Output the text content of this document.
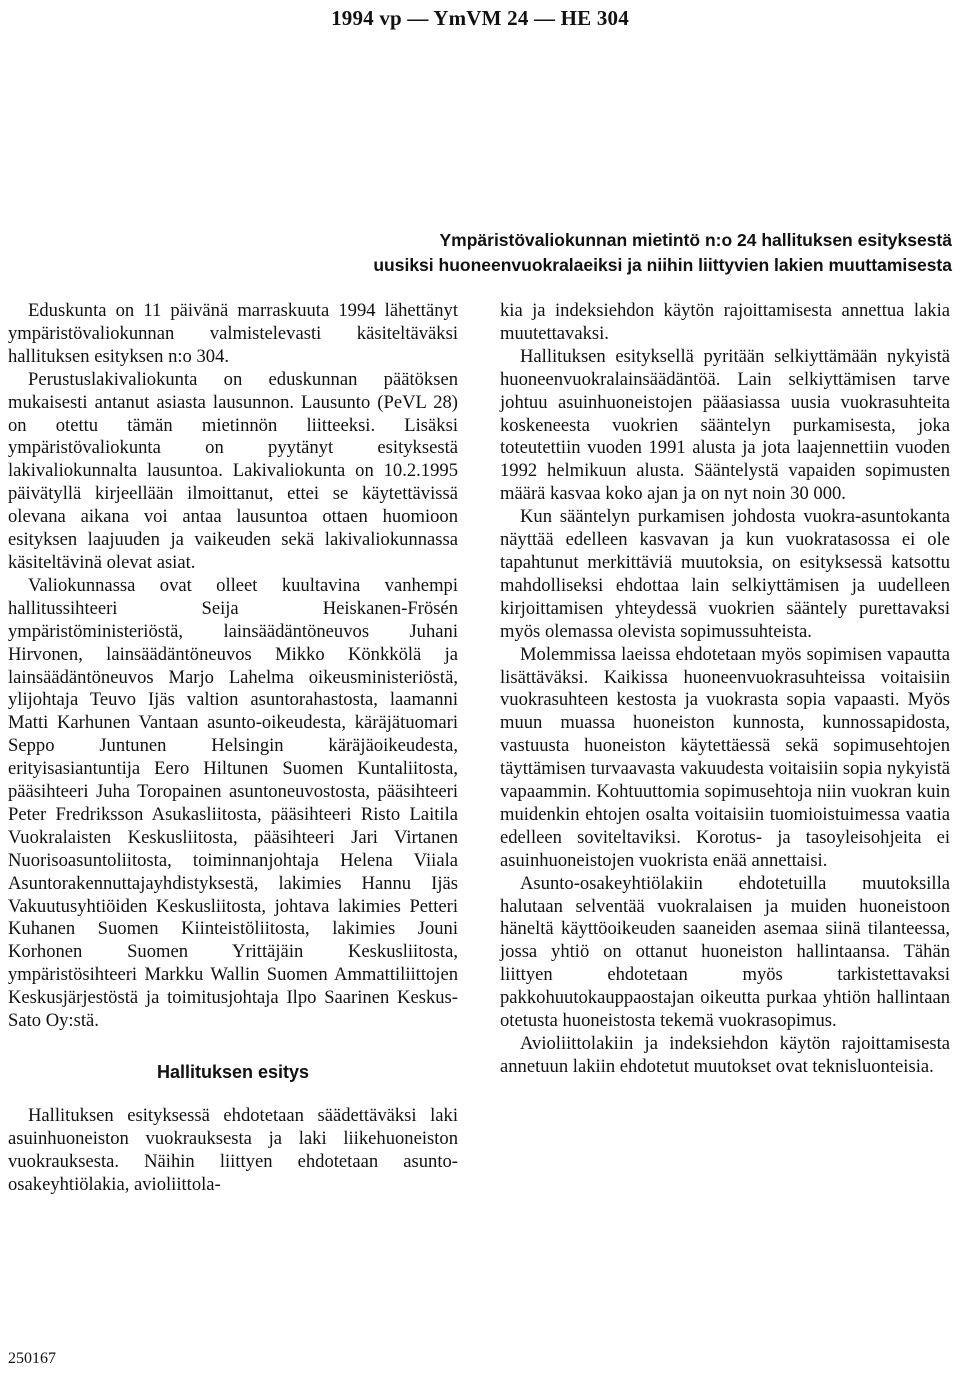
1994 vp — YmVM 24 — HE 304
Ympäristövaliokunnan mietintö n:o 24 hallituksen esityksestä
uusiksi huoneenvuokralaeiksi ja niihin liittyvien lakien muuttamisesta

Eduskunta on 11 päivänä marraskuuta 1994 lähettänyt ympäristövaliokunnan valmistelevasti käsiteltäväksi hallituksen esityksen n:o 304.

Perustuslakivaliokunta on eduskunnan päätöksen mukaisesti antanut asiasta lausunnon. Lausunto (PeVL 28) on otettu tämän mietinnön liitteeksi. Lisäksi ympäristövaliokunta on pyytänyt esityksestä lakivaliokunnalta lausuntoa. Lakivaliokunta on 10.2.1995 päivätyllä kirjeellään ilmoittanut, ettei se käytettävissä olevana aikana voi antaa lausuntoa ottaen huomioon esityksen laajuuden ja vaikeuden sekä lakivaliokunnassa käsiteltävinä olevat asiat.

Valiokunnassa ovat olleet kuultavina vanhempi hallitussihteeri Seija Heiskanen-Frösén ympäristöministeriöstä, lainsäädäntöneuvos Juhani Hirvonen, lainsäädäntöneuvos Mikko Könkkölä ja lainsäädäntöneuvos Marjo Lahelma oikeusministeriöstä, ylijohtaja Teuvo Ijäs valtion asuntorahastosta, laamanni Matti Karhunen Vantaan asunto-oikeudesta, käräjätuomari Seppo Juntunen Helsingin käräjäoikeudesta, erityisasiantuntija Eero Hiltunen Suomen Kuntaliitosta, pääsihteeri Juha Toropainen asuntoneuvostosta, pääsihteeri Peter Fredriksson Asukasliitosta, pääsihteeri Risto Laitila Vuokralaisten Keskusliitosta, pääsihteeri Jari Virtanen Nuorisoasuntoliitosta, toiminnanjohtaja Helena Viiala Asuntorakennuttajayhdistyksestä, lakimies Hannu Ijäs Vakuutusyhtiöiden Keskusliitosta, johtava lakimies Petteri Kuhanen Suomen Kiinteistöliitosta, lakimies Jouni Korhonen Suomen Yrittäjäin Keskusliitosta, ympäristösihteeri Markku Wallin Suomen Ammattiliittojen Keskusjärjestöstä ja toimitusjohtaja Ilpo Saarinen Keskus-Sato Oy:stä.

Hallituksen esitys

Hallituksen esityksessä ehdotetaan säädettäväksi laki asuinhuoneiston vuokrauksesta ja laki liikehuoneiston vuokrauksesta. Näihin liittyen ehdotetaan asunto-osakeyhtiölakia, avioliittola-

kia ja indeksiehdon käytön rajoittamisesta annettua lakia muutettavaksi.

Hallituksen esityksellä pyritään selkiyttämään nykyistä huoneenvuokralainsäädäntöä. Lain selkiyttämisen tarve johtuu asuinhuoneistojen pääasiassa uusia vuokrasuhteita koskeneesta vuokrien sääntelyn purkamisesta, joka toteutettiin vuoden 1991 alusta ja jota laajennettiin vuoden 1992 helmikuun alusta. Sääntelystä vapaiden sopimusten määrä kasvaa koko ajan ja on nyt noin 30 000.

Kun sääntelyn purkamisen johdosta vuokra-asuntokanta näyttää edelleen kasvavan ja kun vuokratasossa ei ole tapahtunut merkittäviä muutoksia, on esityksessä katsottu mahdolliseksi ehdottaa lain selkiyttämisen ja uudelleen kirjoittamisen yhteydessä vuokrien sääntely purettavaksi myös olemassa olevista sopimussuhteista.

Molemmissa laeissa ehdotetaan myös sopimisen vapautta lisättäväksi. Kaikissa huoneenvuokrasuhteissa voitaisiin vuokrasuhteen kestosta ja vuokrasta sopia vapaasti. Myös muun muassa huoneiston kunnosta, kunnossapidosta, vastuusta huoneiston käytettäessä sekä sopimusehtojen täyttämisen turvaavasta vakuudesta voitaisiin sopia nykyistä vapaammin. Kohtuuttomia sopimusehtoja niin vuokran kuin muidenkin ehtojen osalta voitaisiin tuomioistuimessa vaatia edelleen soviteltaviksi. Korotus- ja tasoyleisohjeita ei asuinhuoneistojen vuokrista enää annettaisi.

Asunto-osakeyhtiölakiin ehdotetuilla muutoksilla halutaan selventää vuokralaisen ja muiden huoneistoon häneltä käyttöoikeuden saaneiden asemaa siinä tilanteessa, jossa yhtiö on ottanut huoneiston hallintaansa. Tähän liittyen ehdotetaan myös tarkistettavaksi pakkohuutokauppaostajan oikeutta purkaa yhtiön hallintaan otetusta huoneistosta tekemä vuokrasopimus.

Avioliittolakiin ja indeksiehdon käytön rajoittamisesta annetuun lakiin ehdotetut muutokset ovat teknisluonteisia.

250167
